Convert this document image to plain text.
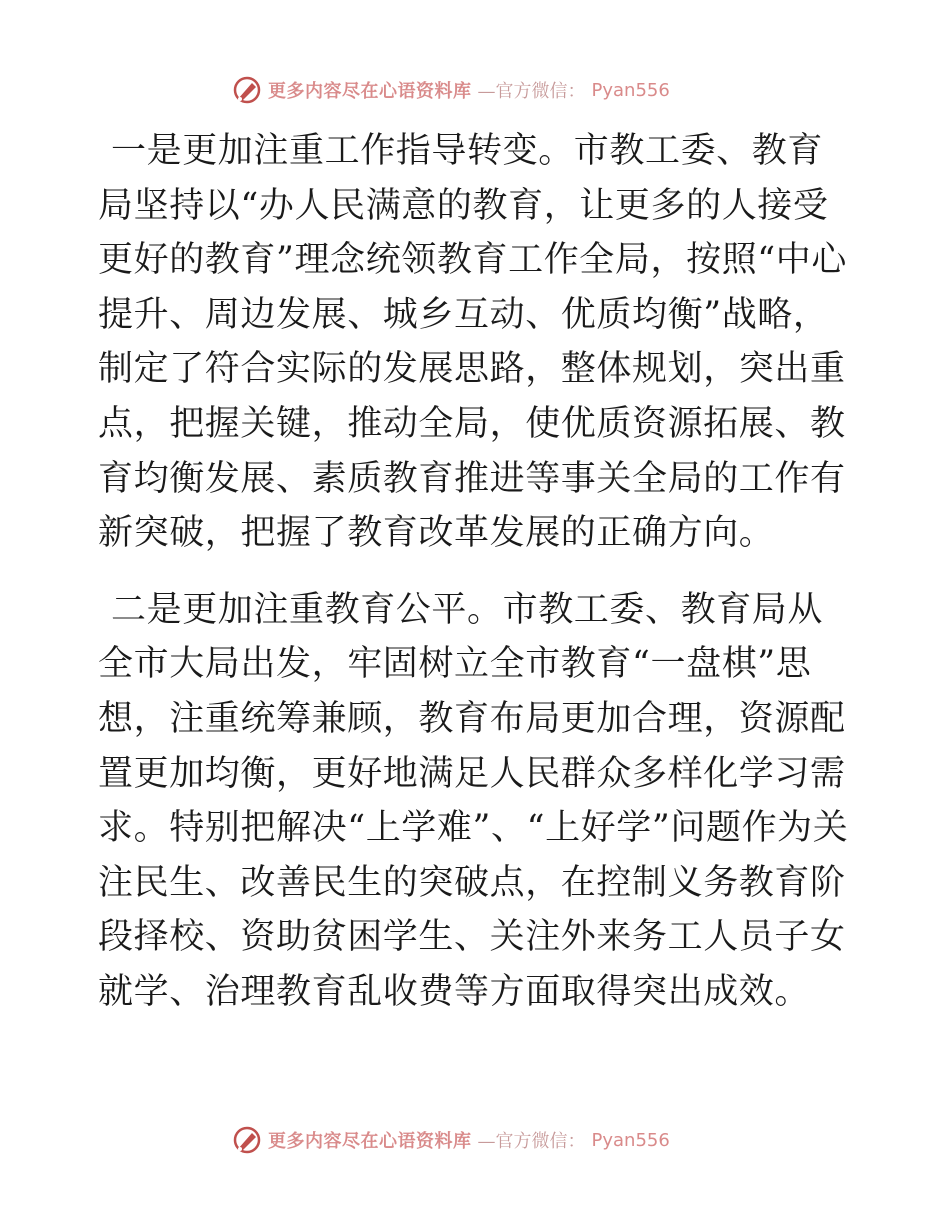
更多内容尽在心语资料库 —官方微信： Pyan556

一是更加注重工作指导转变。市教工委、教育局坚持以“办人民满意的教育，让更多的人接受更好的教育”理念统领教育工作全局，按照“中心提升、周边发展、城乡互动、优质均衡”战略，制定了符合实际的发展思路，整体规划，突出重点，把握关键，推动全局，使优质资源拓展、教育均衡发展、素质教育推进等事关全局的工作有新突破，把握了教育改革发展的正确方向。

二是更加注重教育公平。市教工委、教育局从全市大局出发，牢固树立全市教育“一盘棋”思想，注重统筹兼顾，教育布局更加合理，资源配置更加均衡，更好地满足人民群众多样化学习需求。特别把解决“上学难”、“上好学”问题作为关注民生、改善民生的突破点，在控制义务教育阶段择校、资助贫困学生、关注外来务工人员子女就学、治理教育乱收费等方面取得突出成效。

更多内容尽在心语资料库 —官方微信： Pyan556
